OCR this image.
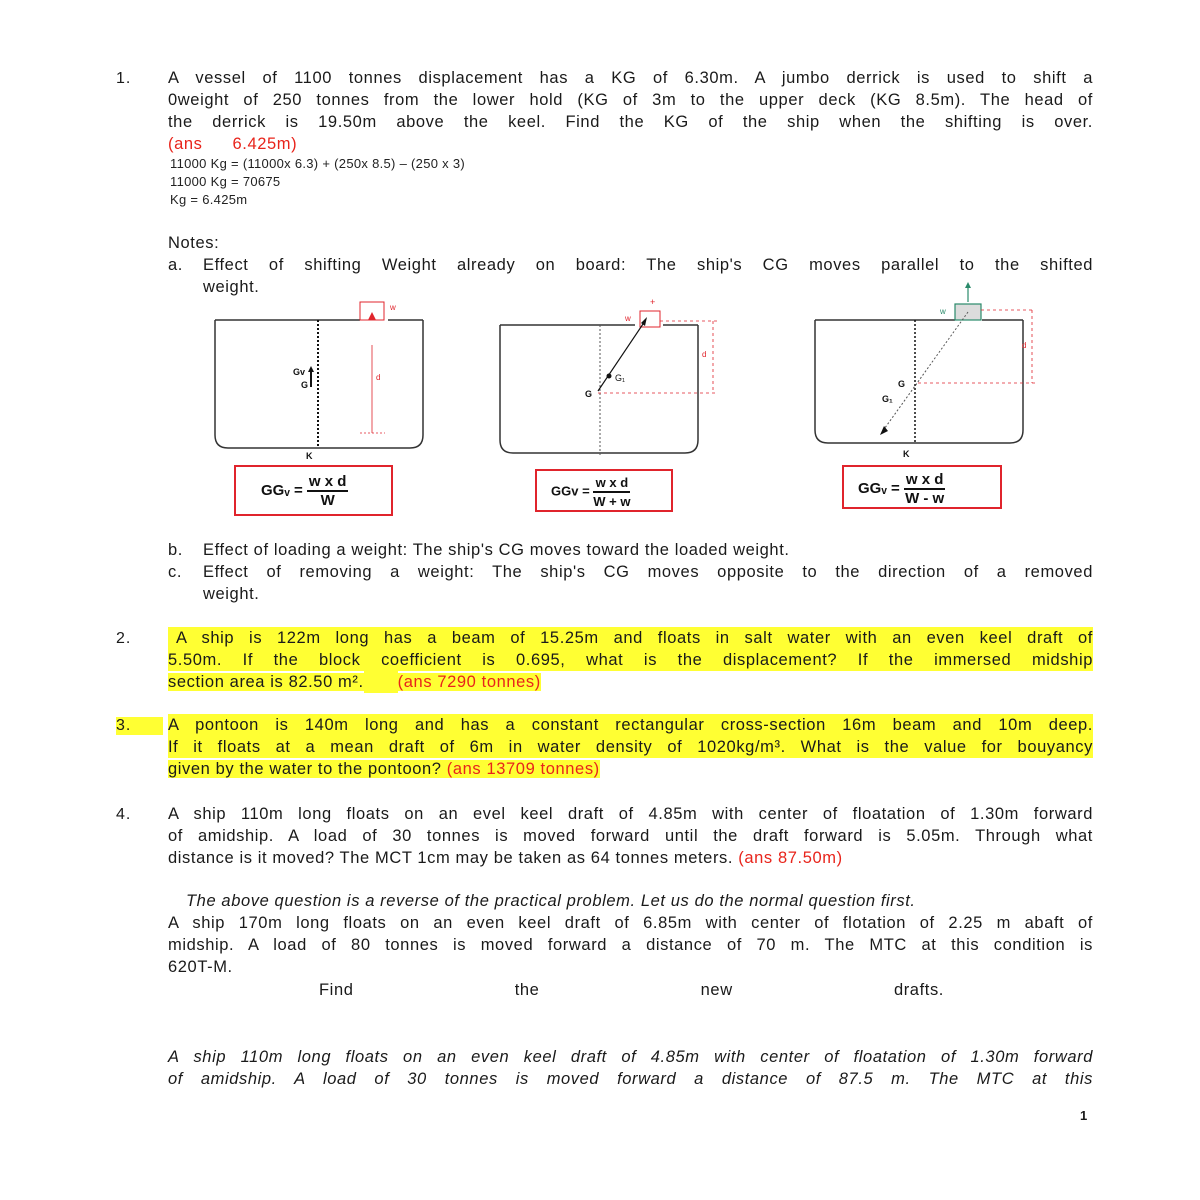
1. A vessel of 1100 tonnes displacement has a KG of 6.30m. A jumbo derrick is used to shift a
0weight of 250 tonnes from the lower hold (KG of 3m to the upper deck (KG 8.5m). The head of
the derrick is 19.50m above the keel. Find the KG of the ship when the shifting is over.
(ans 6.425m)
11000 Kg = (11000x 6.3) + (250x 8.5) – (250 x 3)
11000 Kg = 70675
Kg = 6.425m
Notes:
a. Effect of shifting Weight already on board: The ship's CG moves parallel to the shifted
weight.
w
d
Gv
G
K
GGᵥ = $\frac{\text{w x d}}{W}$
w
+
d
G₁
G
GGv = $\frac{\text{w x d}}{W + w}$
w
d
G
G₁
K
GGᵥ = $\frac{\text{w x d}}{W - w}$
b. Effect of loading a weight: The ship's CG moves toward the loaded weight.
c. Effect of removing a weight: The ship's CG moves opposite to the direction of a removed
weight.
2.	A ship is 122m long has a beam of 15.25m and floats in salt water with an even keel draft of
5.50m. If the block coefficient is 0.695, what is the displacement? If the immersed midship
section area is 82.50 m². (ans 7290 tonnes)
3.	A pontoon is 140m long and has a constant rectangular cross-section 16m beam and 10m deep.
If it floats at a mean draft of 6m in water density of 1020kg/m³. What is the value for bouyancy
given by the water to the pontoon? (ans 13709 tonnes)
4. A ship 110m long floats on an evel keel draft of 4.85m with center of floatation of 1.30m forward
of amidship. A load of 30 tonnes is moved forward until the draft forward is 5.05m. Through what
distance is it moved? The MCT 1cm may be taken as 64 tonnes meters. (ans 87.50m)
The above question is a reverse of the practical problem. Let us do the normal question first.
A ship 170m long floats on an even keel draft of 6.85m with center of flotation of 2.25 m abaft of
midship. A load of 80 tonnes is moved forward a distance of 70 m. The MTC at this condition is
620T-M.
Find	the	new	drafts.
A ship 110m long floats on an even keel draft of 4.85m with center of floatation of 1.30m forward
of amidship. A load of 30 tonnes is moved forward a distance of 87.5 m. The MTC at this
1
